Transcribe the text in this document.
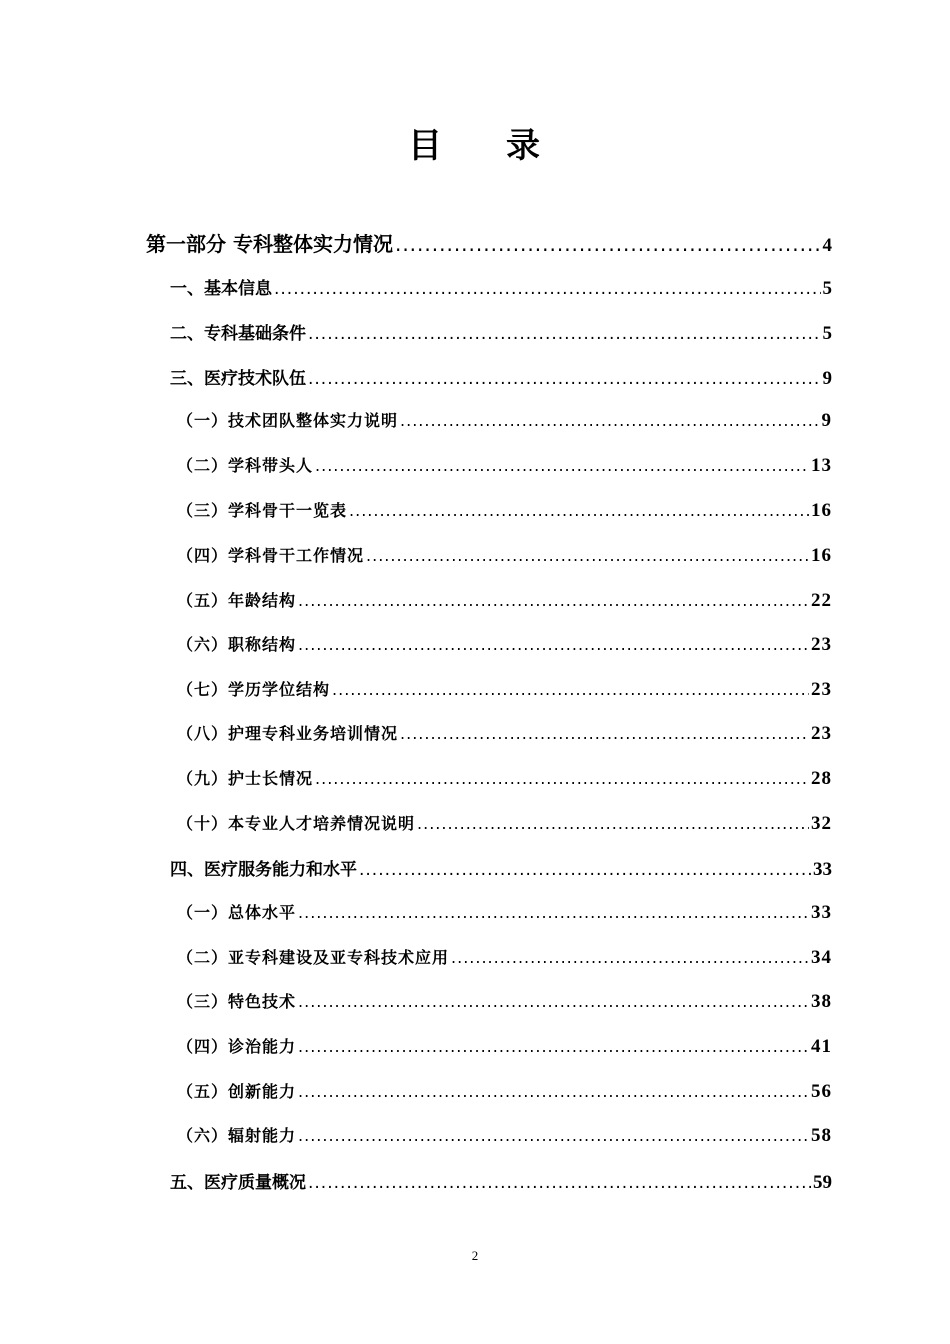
目 录
第一部分 专科整体实力情况 .....	4
一、基本信息 .....	5
二、专科基础条件 .....	5
三、医疗技术队伍 .....	9
（一）技术团队整体实力说明 .....	9
（二）学科带头人 .....	13
（三）学科骨干一览表 .....	16
（四）学科骨干工作情况 .....	16
（五）年龄结构 .....	22
（六）职称结构 .....	23
（七）学历学位结构 .....	23
（八）护理专科业务培训情况 .....	23
（九）护士长情况 .....	28
（十）本专业人才培养情况说明 .....	32
四、医疗服务能力和水平 .....	33
（一）总体水平 .....	33
（二）亚专科建设及亚专科技术应用 .....	34
（三）特色技术 .....	38
（四）诊治能力 .....	41
（五）创新能力 .....	56
（六）辐射能力 .....	58
五、医疗质量概况 .....	59
2
